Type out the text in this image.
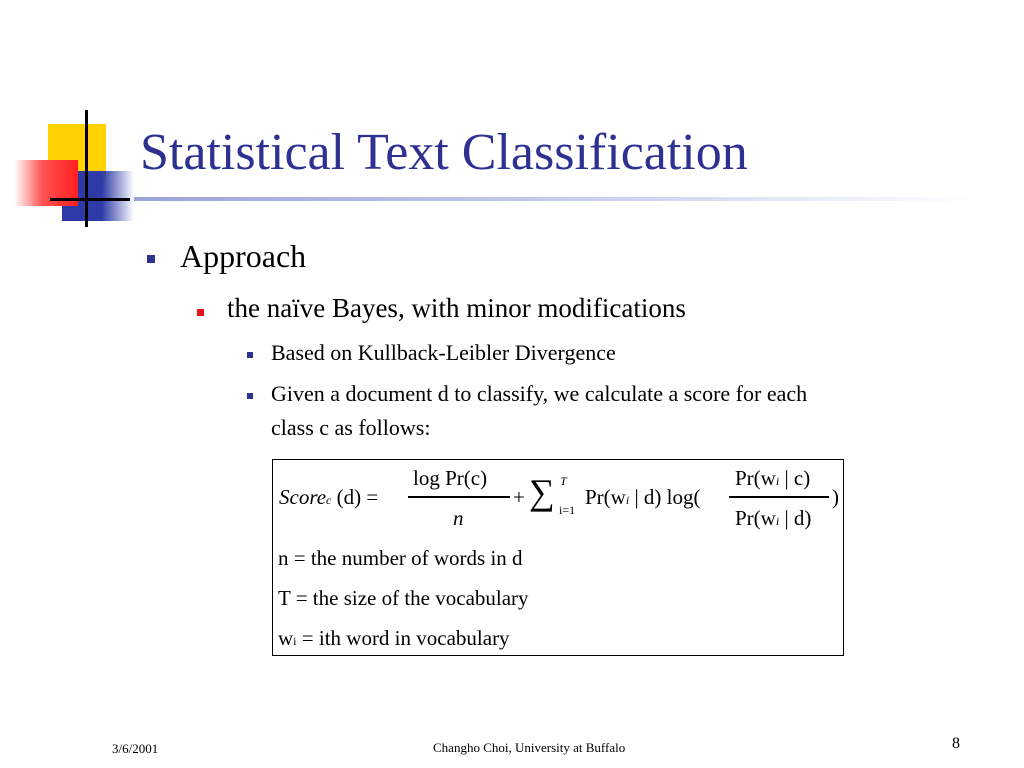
Statistical Text Classification
Approach
the naïve Bayes, with minor modifications
Based on Kullback-Leibler Divergence
Given a document d to classify, we calculate a score for each
class c as follows:
Scorec (d) =
log Pr(c)
n
+ ∑ T
i=1
Pr(wi | d) log(
Pr(wi | c)
Pr(wi | d)
)
n = the number of words in d
T = the size of the vocabulary
wi = ith word in vocabulary
3/6/2001	Changho Choi, University at Buffalo	8
